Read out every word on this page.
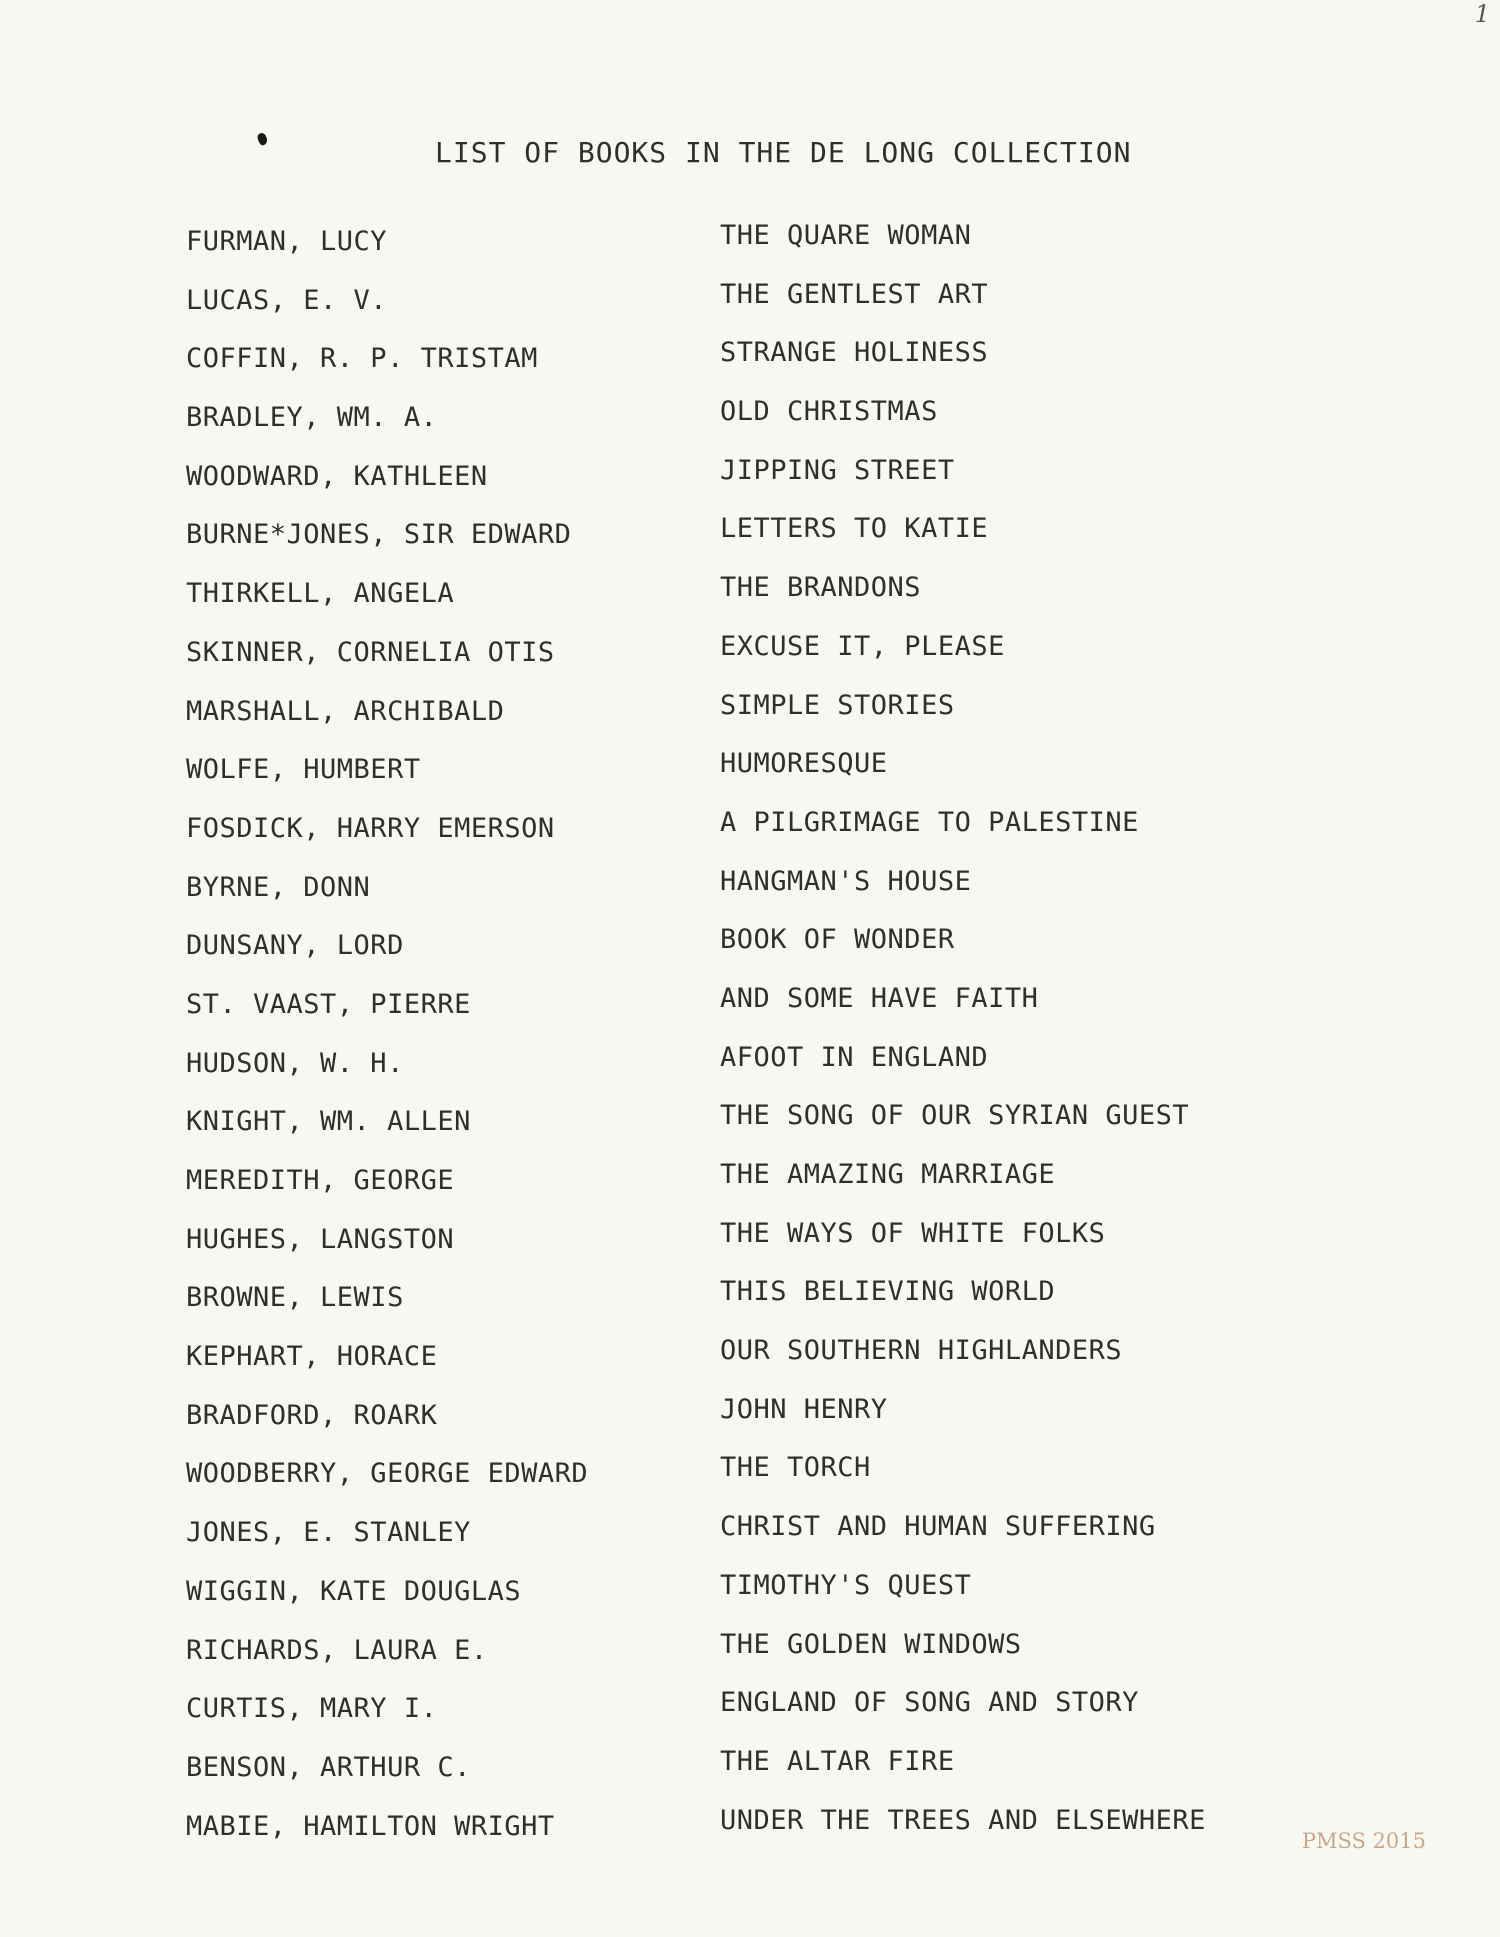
1
LIST OF BOOKS IN THE DE LONG COLLECTION
FURMAN, LUCY	THE QUARE WOMAN
LUCAS, E. V.	THE GENTLEST ART
COFFIN, R. P. TRISTAM	STRANGE HOLINESS
BRADLEY, WM. A.	OLD CHRISTMAS
WOODWARD, KATHLEEN	JIPPING STREET
BURNE*JONES, SIR EDWARD	LETTERS TO KATIE
THIRKELL, ANGELA	THE BRANDONS
SKINNER, CORNELIA OTIS	EXCUSE IT, PLEASE
MARSHALL, ARCHIBALD	SIMPLE STORIES
WOLFE, HUMBERT	HUMORESQUE
FOSDICK, HARRY EMERSON	A PILGRIMAGE TO PALESTINE
BYRNE, DONN	HANGMAN'S HOUSE
DUNSANY, LORD	BOOK OF WONDER
ST. VAAST, PIERRE	AND SOME HAVE FAITH
HUDSON, W. H.	AFOOT IN ENGLAND
KNIGHT, WM. ALLEN	THE SONG OF OUR SYRIAN GUEST
MEREDITH, GEORGE	THE AMAZING MARRIAGE
HUGHES, LANGSTON	THE WAYS OF WHITE FOLKS
BROWNE, LEWIS	THIS BELIEVING WORLD
KEPHART, HORACE	OUR SOUTHERN HIGHLANDERS
BRADFORD, ROARK	JOHN HENRY
WOODBERRY, GEORGE EDWARD	THE TORCH
JONES, E. STANLEY	CHRIST AND HUMAN SUFFERING
WIGGIN, KATE DOUGLAS	TIMOTHY'S QUEST
RICHARDS, LAURA E.	THE GOLDEN WINDOWS
CURTIS, MARY I.	ENGLAND OF SONG AND STORY
BENSON, ARTHUR C.	THE ALTAR FIRE
MABIE, HAMILTON WRIGHT	UNDER THE TREES AND ELSEWHERE
PMSS 2015
